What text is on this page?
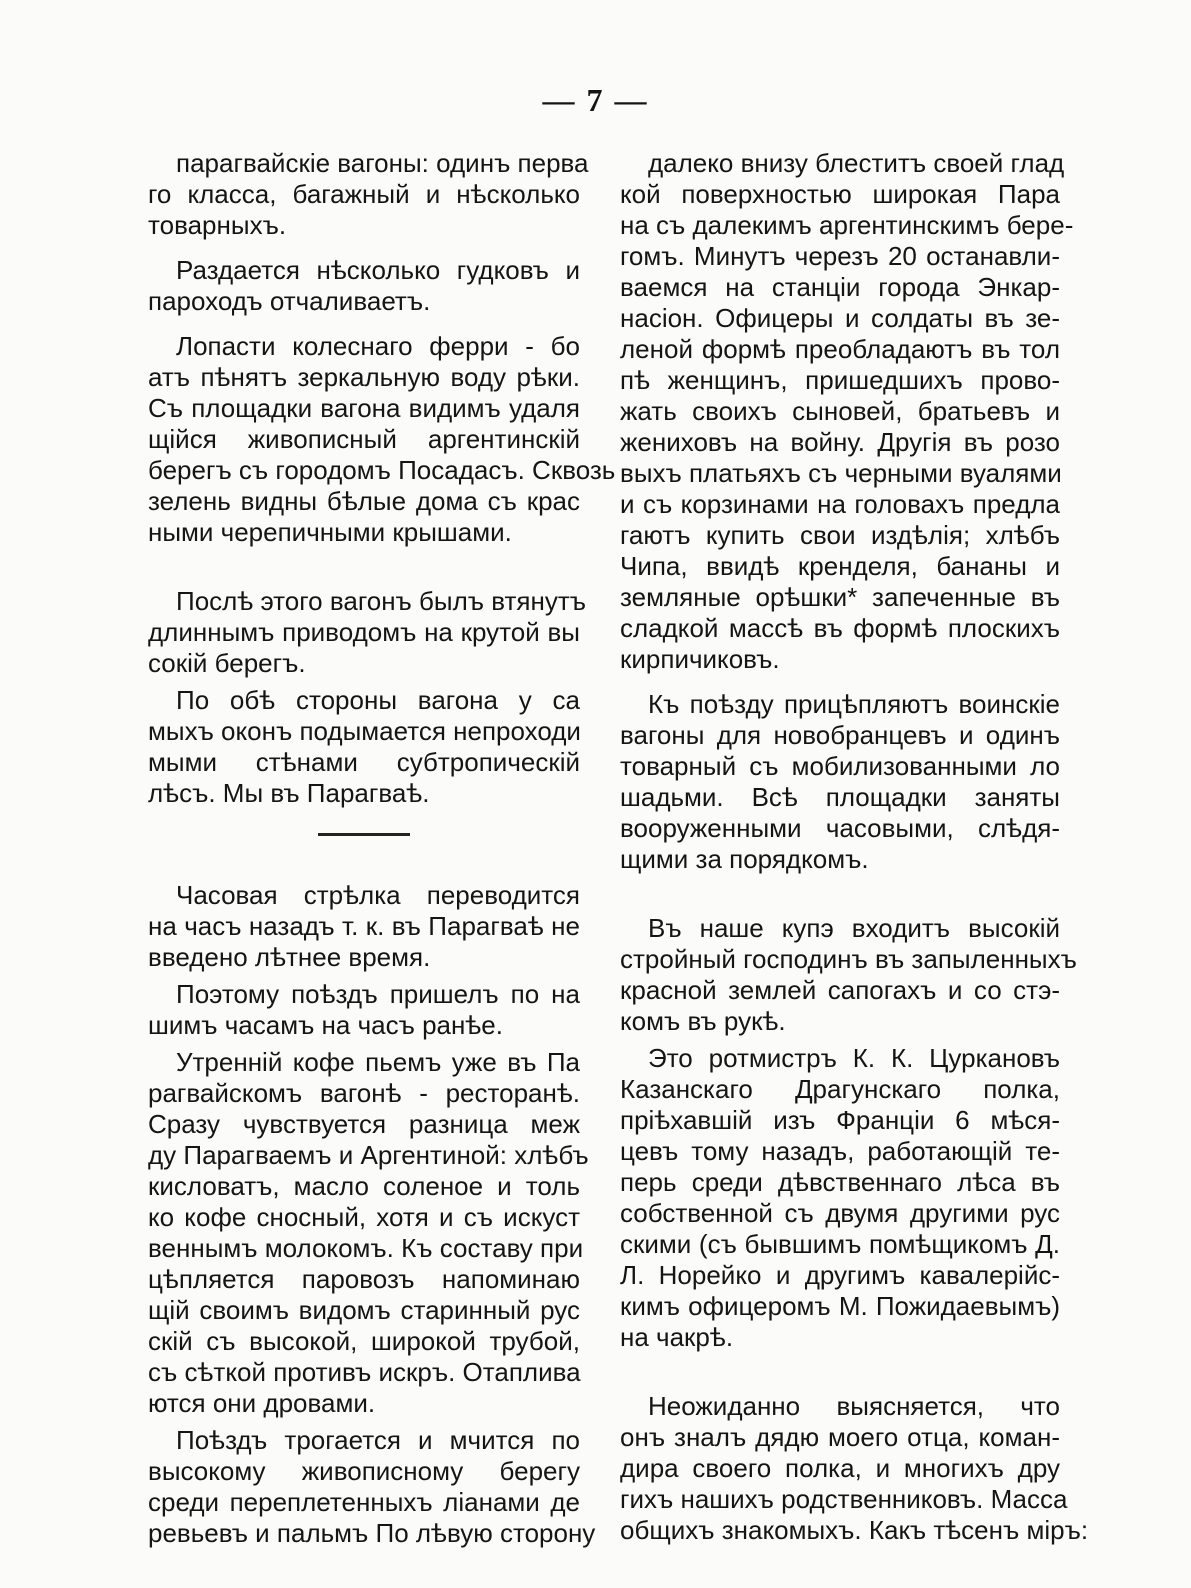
— 7 —
парагвайскіе вагоны: одинъ перва
го класса, багажный и нѣсколько
товарныхъ.
Раздается нѣсколько гудковъ и
пароходъ отчаливаетъ.
Лопасти колеснаго ферри - бо
атъ пѣнятъ зеркальную воду рѣки.
Съ площадки вагона видимъ удаля
щійся живописный аргентинскій
берегъ съ городомъ Посадасъ. Сквозь
зелень видны бѣлые дома съ крас
ными черепичными крышами.
Послѣ этого вагонъ былъ втянутъ
длиннымъ приводомъ на крутой вы
сокій берегъ.
По обѣ стороны вагона у са
мыхъ оконъ подымается непроходи
мыми стѣнами субтропическій
лѣсъ. Мы въ Парагваѣ.
Часовая стрѣлка переводится
на часъ назадъ т. к. въ Парагваѣ не
введено лѣтнее время.
Поэтому поѣздъ пришелъ по на
шимъ часамъ на часъ ранѣе.
Утренній кофе пьемъ уже въ Па
рагвайскомъ вагонѣ - ресторанѣ.
Сразу чувствуется разница меж
ду Парагваемъ и Аргентиной: хлѣбъ
кисловатъ, масло соленое и толь
ко кофе сносный, хотя и съ искуст
веннымъ молокомъ. Къ составу при
цѣпляется паровозъ напоминаю
щій своимъ видомъ старинный рус
скій съ высокой, широкой трубой,
съ сѣткой противъ искръ. Отаплива
ются они дровами.
Поѣздъ трогается и мчится по
высокому живописному берегу
среди переплетенныхъ ліанами де
ревьевъ и пальмъ По лѣвую сторону
далеко внизу блеститъ своей глад
кой поверхностью широкая Пара
на съ далекимъ аргентинскимъ бере-
гомъ. Минутъ черезъ 20 останавли-
ваемся на станціи города Энкар-
насіон. Офицеры и солдаты въ зе-
леной формѣ преобладаютъ въ тол
пѣ женщинъ, пришедшихъ прово-
жать своихъ сыновей, братьевъ и
жениховъ на войну. Другія въ розо
выхъ платьяхъ съ черными вуалями
и съ корзинами на головахъ предла
гаютъ купить свои издѣлія; хлѣбъ
Чипа, ввидѣ кренделя, бананы и
земляные орѣшки* запеченные въ
сладкой массѣ въ формѣ плоскихъ
кирпичиковъ.
Къ поѣзду прицѣпляютъ воинскіе
вагоны для новобранцевъ и одинъ
товарный съ мобилизованными ло
шадьми. Всѣ площадки заняты
вооруженными часовыми, слѣдя-
щими за порядкомъ.
Въ наше купэ входитъ высокій
стройный господинъ въ запыленныхъ
красной землей сапогахъ и со стэ-
комъ въ рукѣ.
Это ротмистръ К. К. Цуркановъ
Казанскаго Драгунскаго полка,
пріѣхавшій изъ Франціи 6 мѣся-
цевъ тому назадъ, работающій те-
перь среди дѣвственнаго лѣса въ
собственной съ двумя другими рус
скими (съ бывшимъ помѣщикомъ Д.
Л. Норейко и другимъ кавалерійс-
кимъ офицеромъ М. Пожидаевымъ)
на чакрѣ.
Неожиданно выясняется, что
онъ зналъ дядю моего отца, коман-
дира своего полка, и многихъ дру
гихъ нашихъ родственниковъ. Масса
общихъ знакомыхъ. Какъ тѣсенъ міръ:
